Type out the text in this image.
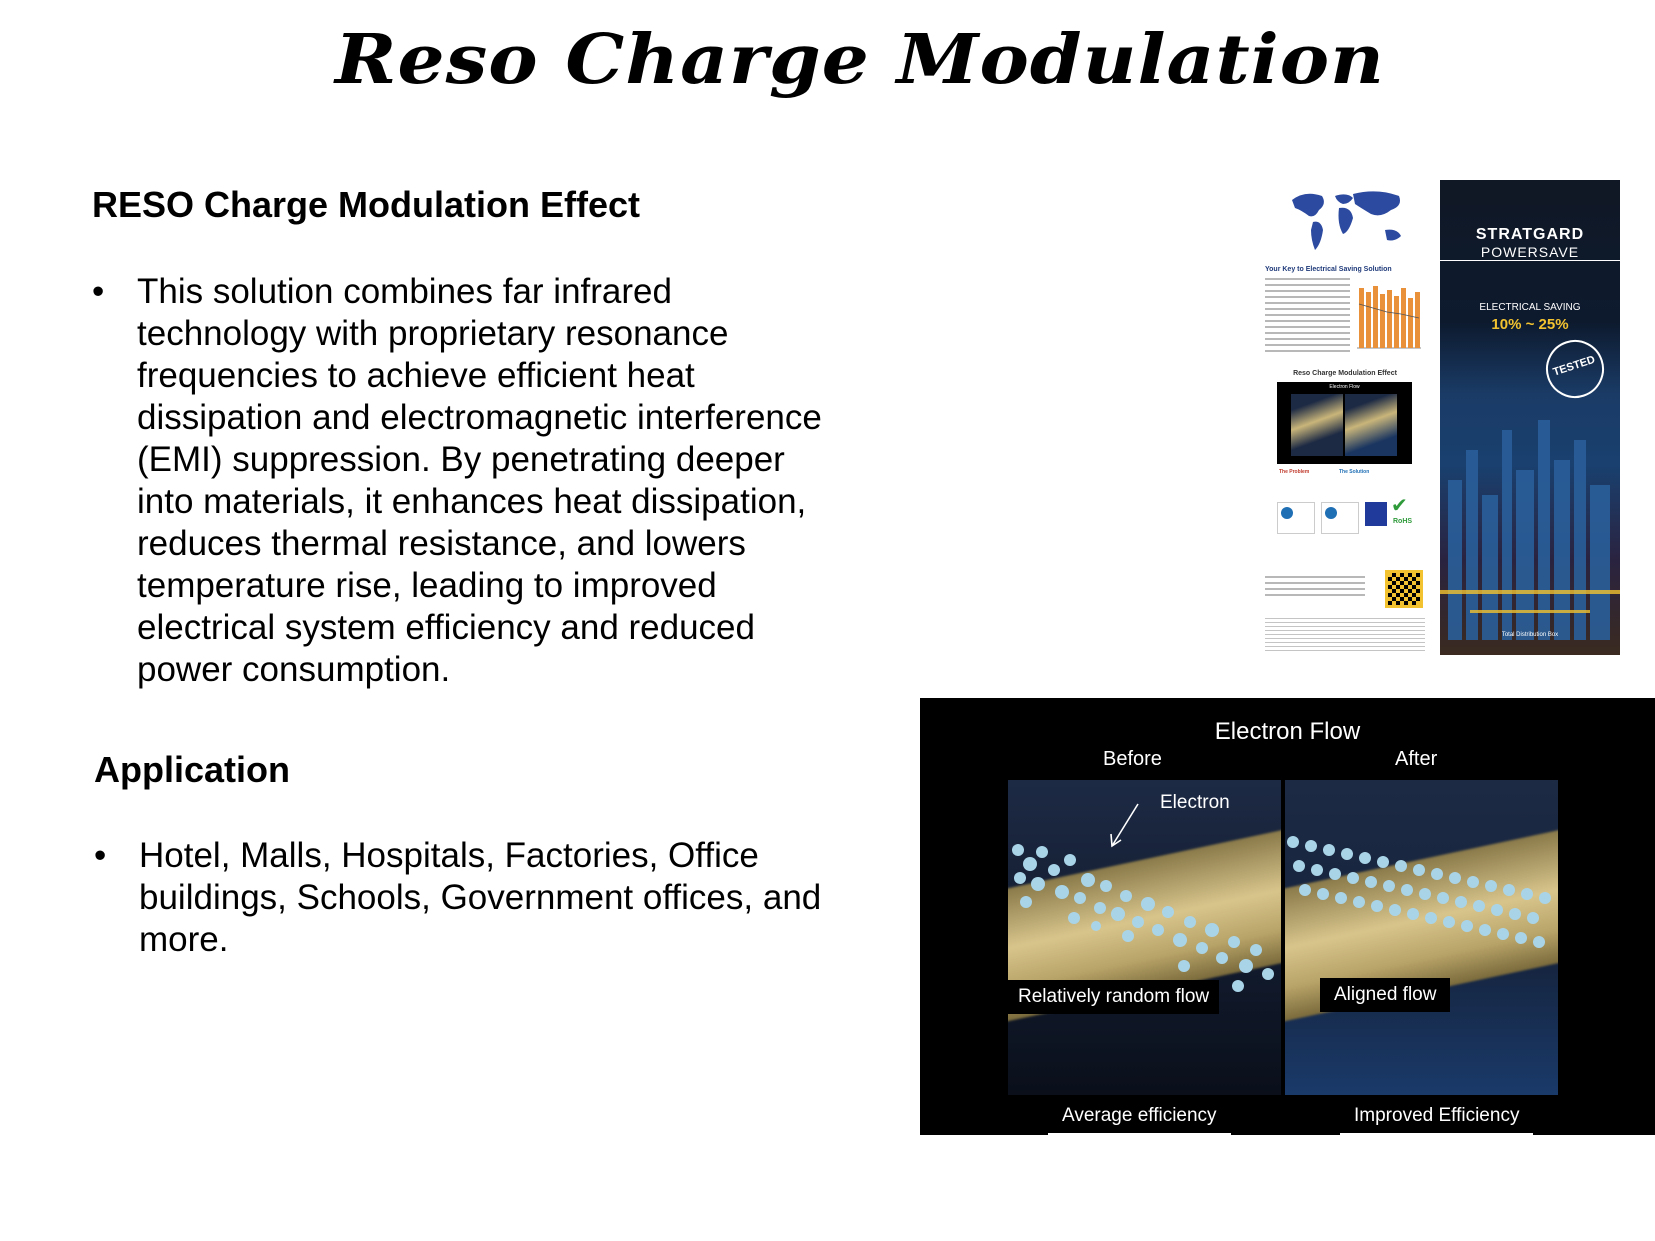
Reso Charge Modulation
RESO Charge Modulation Effect
• This solution combines far infrared
technology with proprietary resonance
frequencies to achieve efficient heat
dissipation and electromagnetic interference
(EMI) suppression. By penetrating deeper
into materials, it enhances heat dissipation,
reduces thermal resistance, and lowers
temperature rise, leading to improved
electrical system efficiency and reduced
power consumption.
Application
• Hotel, Malls, Hospitals, Factories, Office
buildings, Schools, Government offices, and
more.
Your Key to Electrical Saving Solution
Reso Charge Modulation Effect
Electron Flow
The Problem	The Solution
✔
RoHS
STRATGARD
POWERSAVE
ELECTRICAL SAVING
10% ~ 25%
TESTED
Total Distribution Box
Electron Flow
Before	After
Electron
Relatively random flow	Aligned flow
Average efficiency	Improved Efficiency
